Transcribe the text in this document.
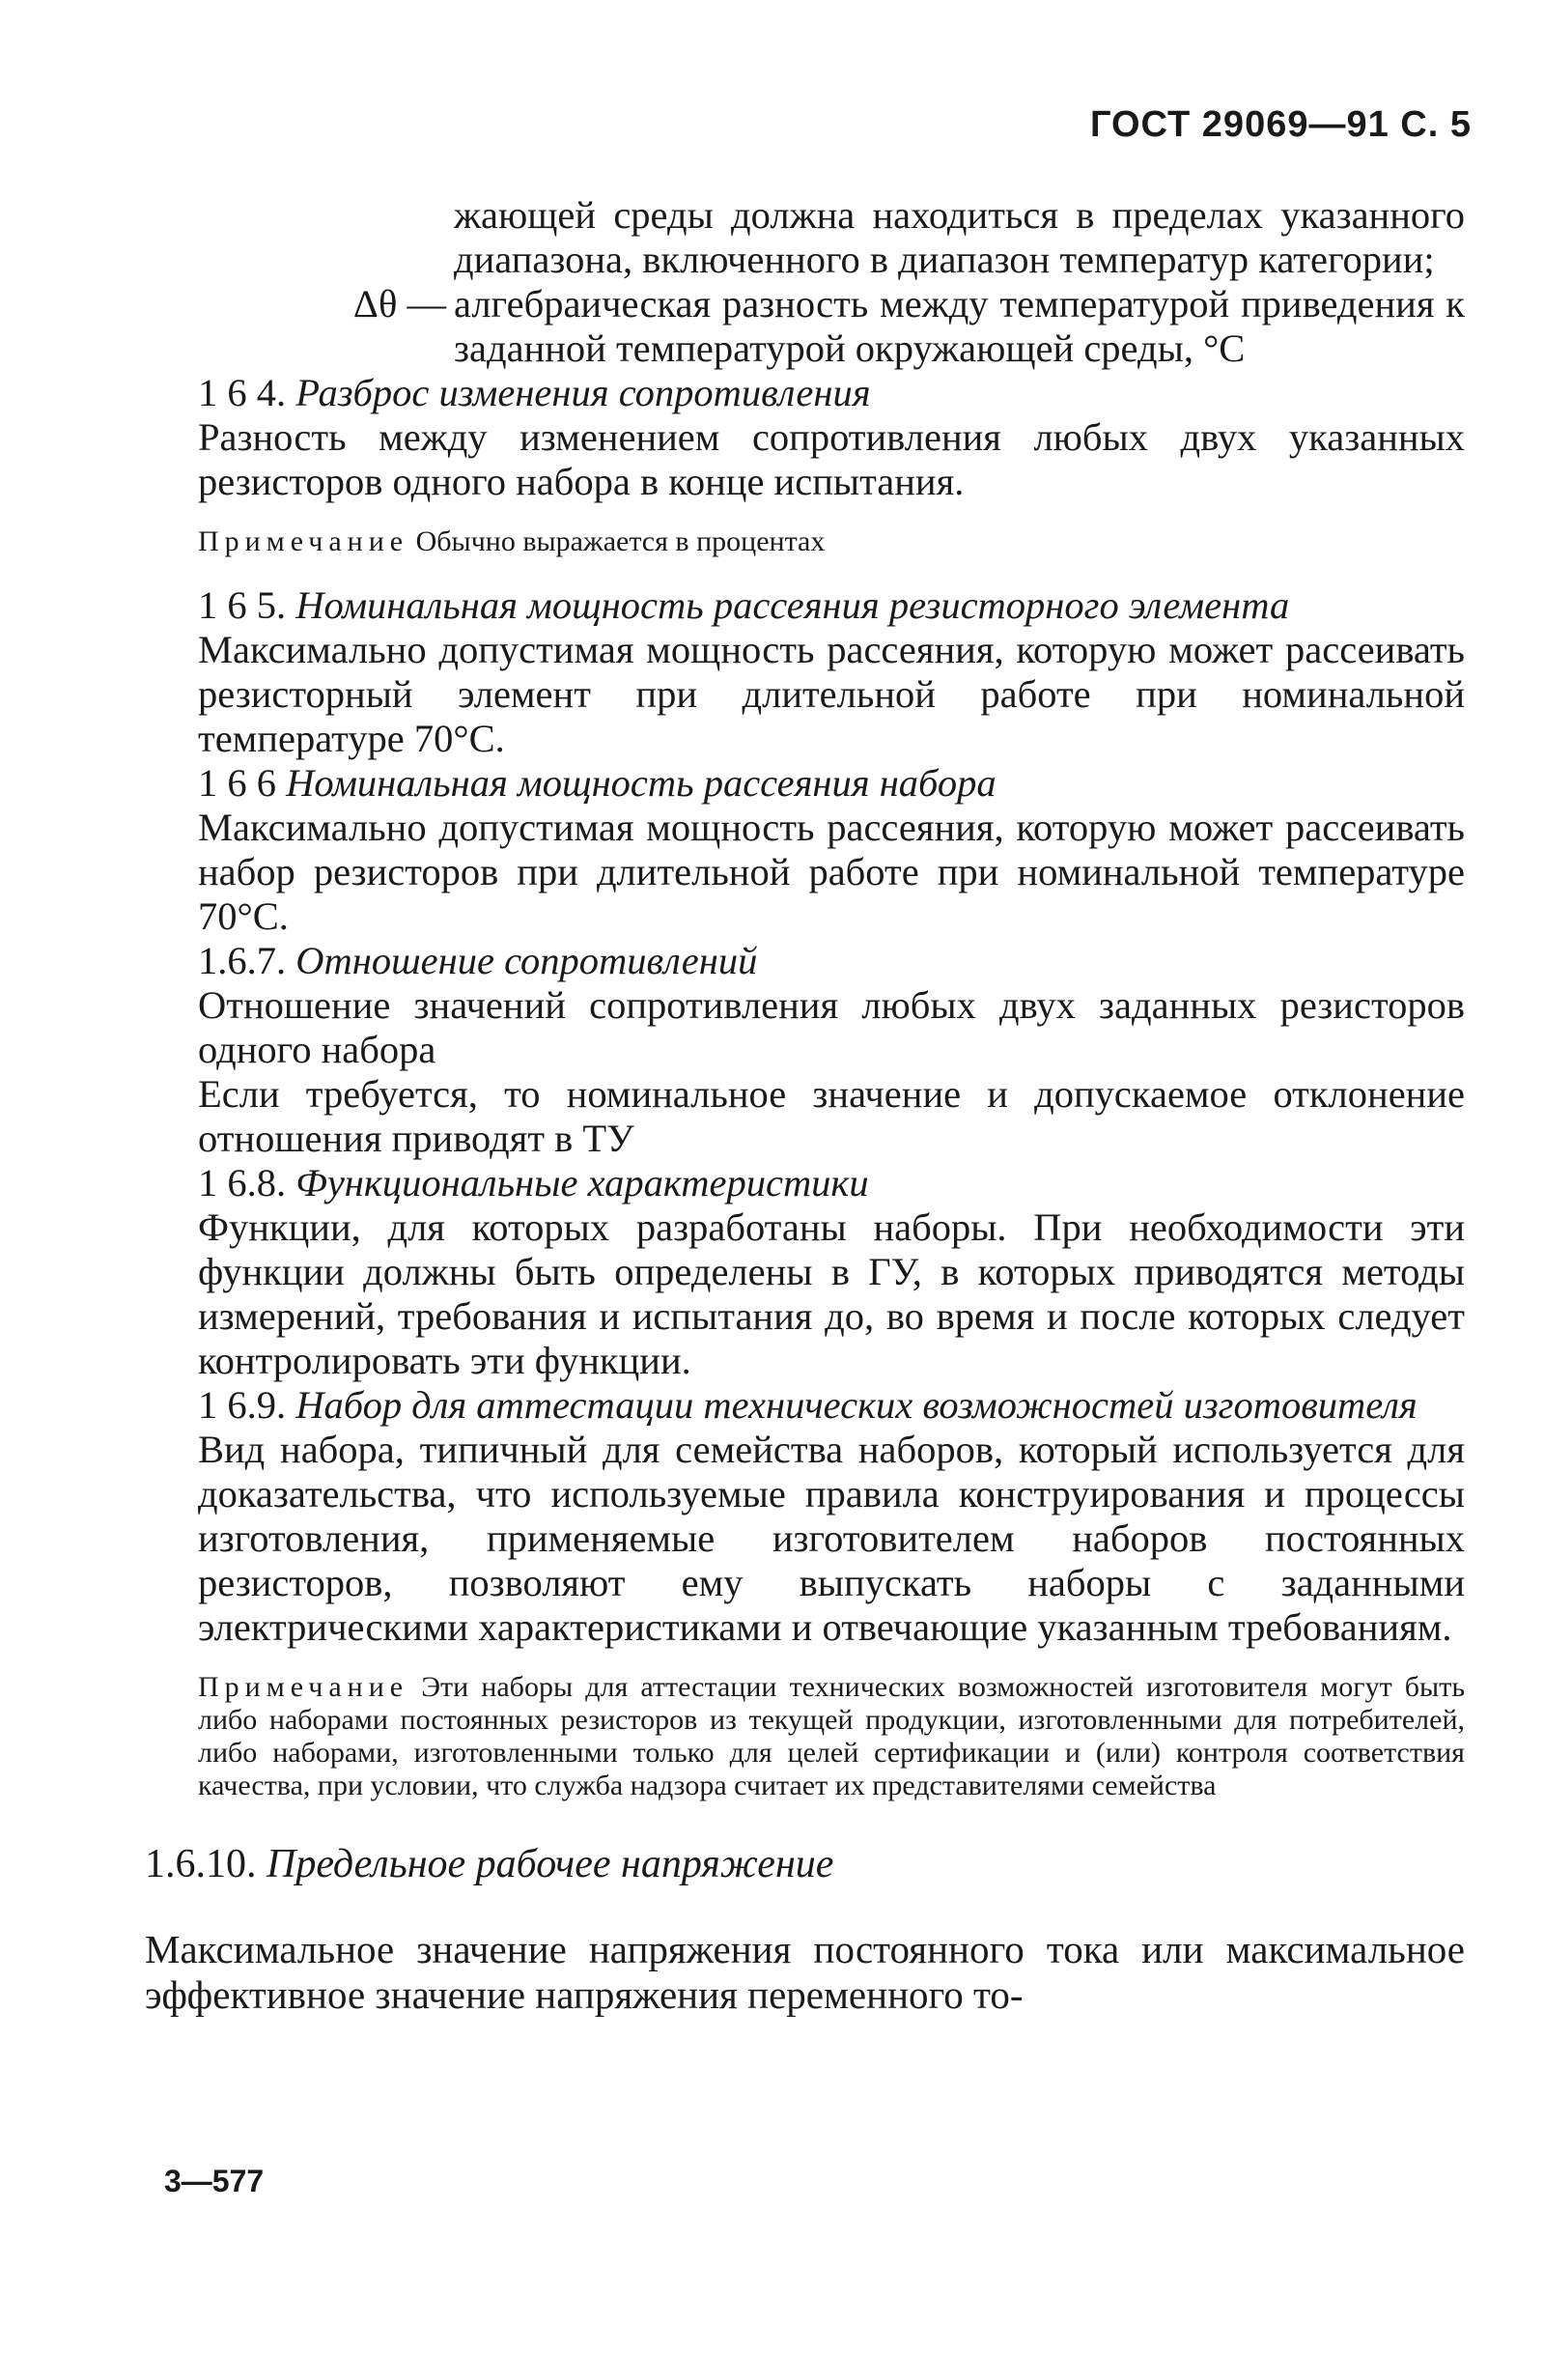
ГОСТ 29069—91 С. 5

жающей среды должна находиться в пределах указанного диапазона, включенного в диапазон температур категории;

Δθ — алгебраическая разность между температурой приведения к заданной температурой окружающей среды, °С

1 6 4. Разброс изменения сопротивления

Разность между изменением сопротивления любых двух указанных резисторов одного набора в конце испытания.

Примечание Обычно выражается в процентах

1 6 5. Номинальная мощность рассеяния резисторного элемента

Максимально допустимая мощность рассеяния, которую может рассеивать резисторный элемент при длительной работе при номинальной температуре 70°С.

1 6 6 Номинальная мощность рассеяния набора

Максимально допустимая мощность рассеяния, которую может рассеивать набор резисторов при длительной работе при номинальной температуре 70°С.

1.6.7. Отношение сопротивлений

Отношение значений сопротивления любых двух заданных резисторов одного набора

Если требуется, то номинальное значение и допускаемое отклонение отношения приводят в ТУ

1 6.8. Функциональные характеристики

Функции, для которых разработаны наборы. При необходимости эти функции должны быть определены в ГУ, в которых приводятся методы измерений, требования и испытания до, во время и после которых следует контролировать эти функции.

1 6.9. Набор для аттестации технических возможностей изготовителя

Вид набора, типичный для семейства наборов, который используется для доказательства, что используемые правила конструирования и процессы изготовления, применяемые изготовителем наборов постоянных резисторов, позволяют ему выпускать наборы с заданными электрическими характеристиками и отвечающие указанным требованиям.

Примечание Эти наборы для аттестации технических возможностей изготовителя могут быть либо наборами постоянных резисторов из текущей продукции, изготовленными для потребителей, либо наборами, изготовленными только для целей сертификации и (или) контроля соответствия качества, при условии, что служба надзора считает их представителями семейства

1.6.10. Предельное рабочее напряжение

Максимальное значение напряжения постоянного тока или максимальное эффективное значение напряжения переменного то-

3—577
